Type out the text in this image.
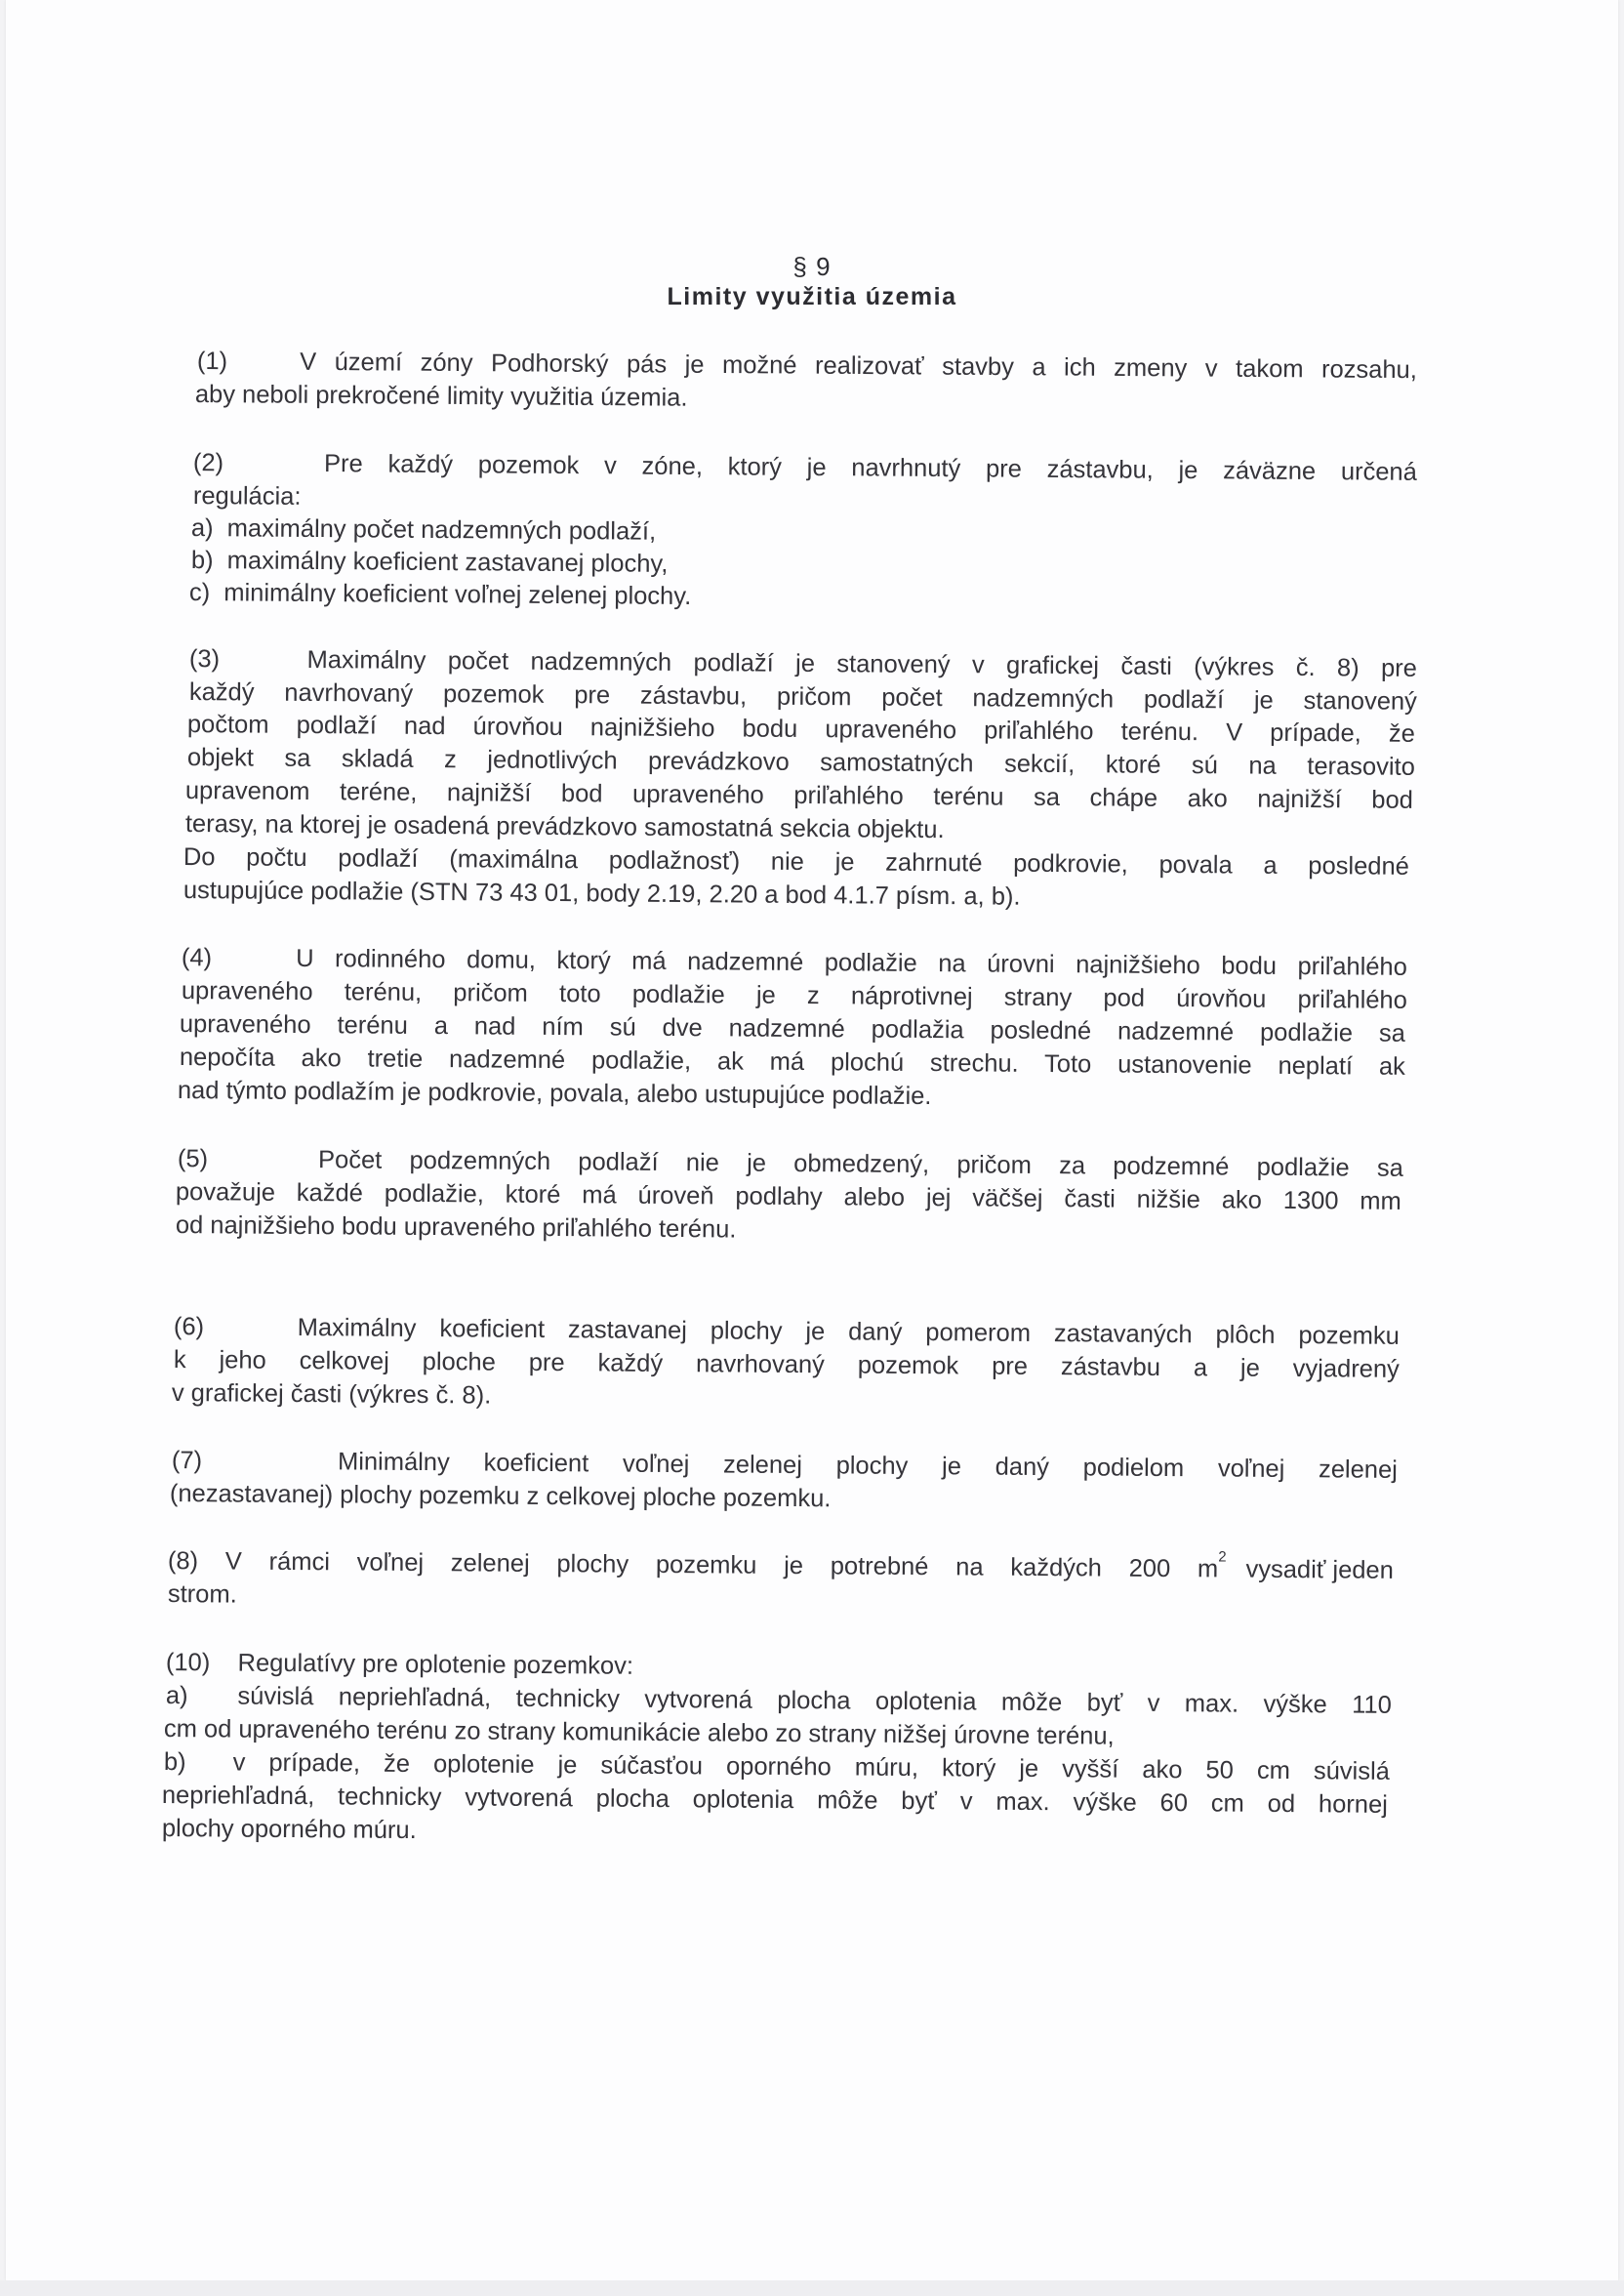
§ 9
Limity využitia územia
(1)    V území zóny Podhorský pás je možné realizovať stavby a ich zmeny v takom rozsahu,
aby neboli prekročené limity využitia územia.
(2)    Pre každý pozemok v zóne, ktorý je navrhnutý pre zástavbu, je záväzne určená
regulácia:
a)  maximálny počet nadzemných podlaží,
b)  maximálny koeficient zastavanej plochy,
c)  minimálny koeficient voľnej zelenej plochy.
(3)    Maximálny počet nadzemných podlaží je stanovený v grafickej časti (výkres č. 8) pre
každý navrhovaný pozemok pre zástavbu, pričom počet nadzemných podlaží je stanovený
počtom podlaží nad úrovňou najnižšieho bodu upraveného priľahlého terénu. V prípade, že
objekt sa skladá z jednotlivých prevádzkovo samostatných sekcií, ktoré sú na terasovito
upravenom teréne, najnižší bod upraveného priľahlého terénu sa chápe ako najnižší bod
terasy, na ktorej je osadená prevádzkovo samostatná sekcia objektu.
Do počtu podlaží (maximálna podlažnosť) nie je zahrnuté podkrovie, povala a posledné
ustupujúce podlažie (STN 73 43 01, body 2.19, 2.20 a bod 4.1.7 písm. a, b).
(4)    U rodinného domu, ktorý má nadzemné podlažie na úrovni najnižšieho bodu priľahlého
upraveného terénu, pričom toto podlažie je z náprotivnej strany pod úrovňou priľahlého
upraveného terénu a nad ním sú dve nadzemné podlažia posledné nadzemné podlažie sa
nepočíta ako tretie nadzemné podlažie, ak má plochú strechu. Toto ustanovenie neplatí ak
nad týmto podlažím je podkrovie, povala, alebo ustupujúce podlažie.
(5)    Počet podzemných podlaží nie je obmedzený, pričom za podzemné podlažie sa
považuje každé podlažie, ktoré má úroveň podlahy alebo jej väčšej časti nižšie ako 1300 mm
od najnižšieho bodu upraveného priľahlého terénu.
(6)    Maximálny koeficient zastavanej plochy je daný pomerom zastavaných plôch pozemku
k jeho celkovej ploche pre každý navrhovaný pozemok pre zástavbu a je vyjadrený
v grafickej časti (výkres č. 8).
(7)    Minimálny koeficient voľnej zelenej plochy je daný podielom voľnej zelenej
(nezastavanej) plochy pozemku z celkovej ploche pozemku.
(8) V rámci voľnej zelenej plochy pozemku je potrebné na každých 200 m 2 vysadiť jeden
strom.
(10)    Regulatívy pre oplotenie pozemkov:
a)  súvislá nepriehľadná, technicky vytvorená plocha oplotenia môže byť v max. výške 110
cm od upraveného terénu zo strany komunikácie alebo zo strany nižšej úrovne terénu,
b)  v prípade, že oplotenie je súčasťou oporného múru, ktorý je vyšší ako 50 cm súvislá
nepriehľadná, technicky vytvorená plocha oplotenia môže byť v max. výške 60 cm od hornej
plochy oporného múru.
